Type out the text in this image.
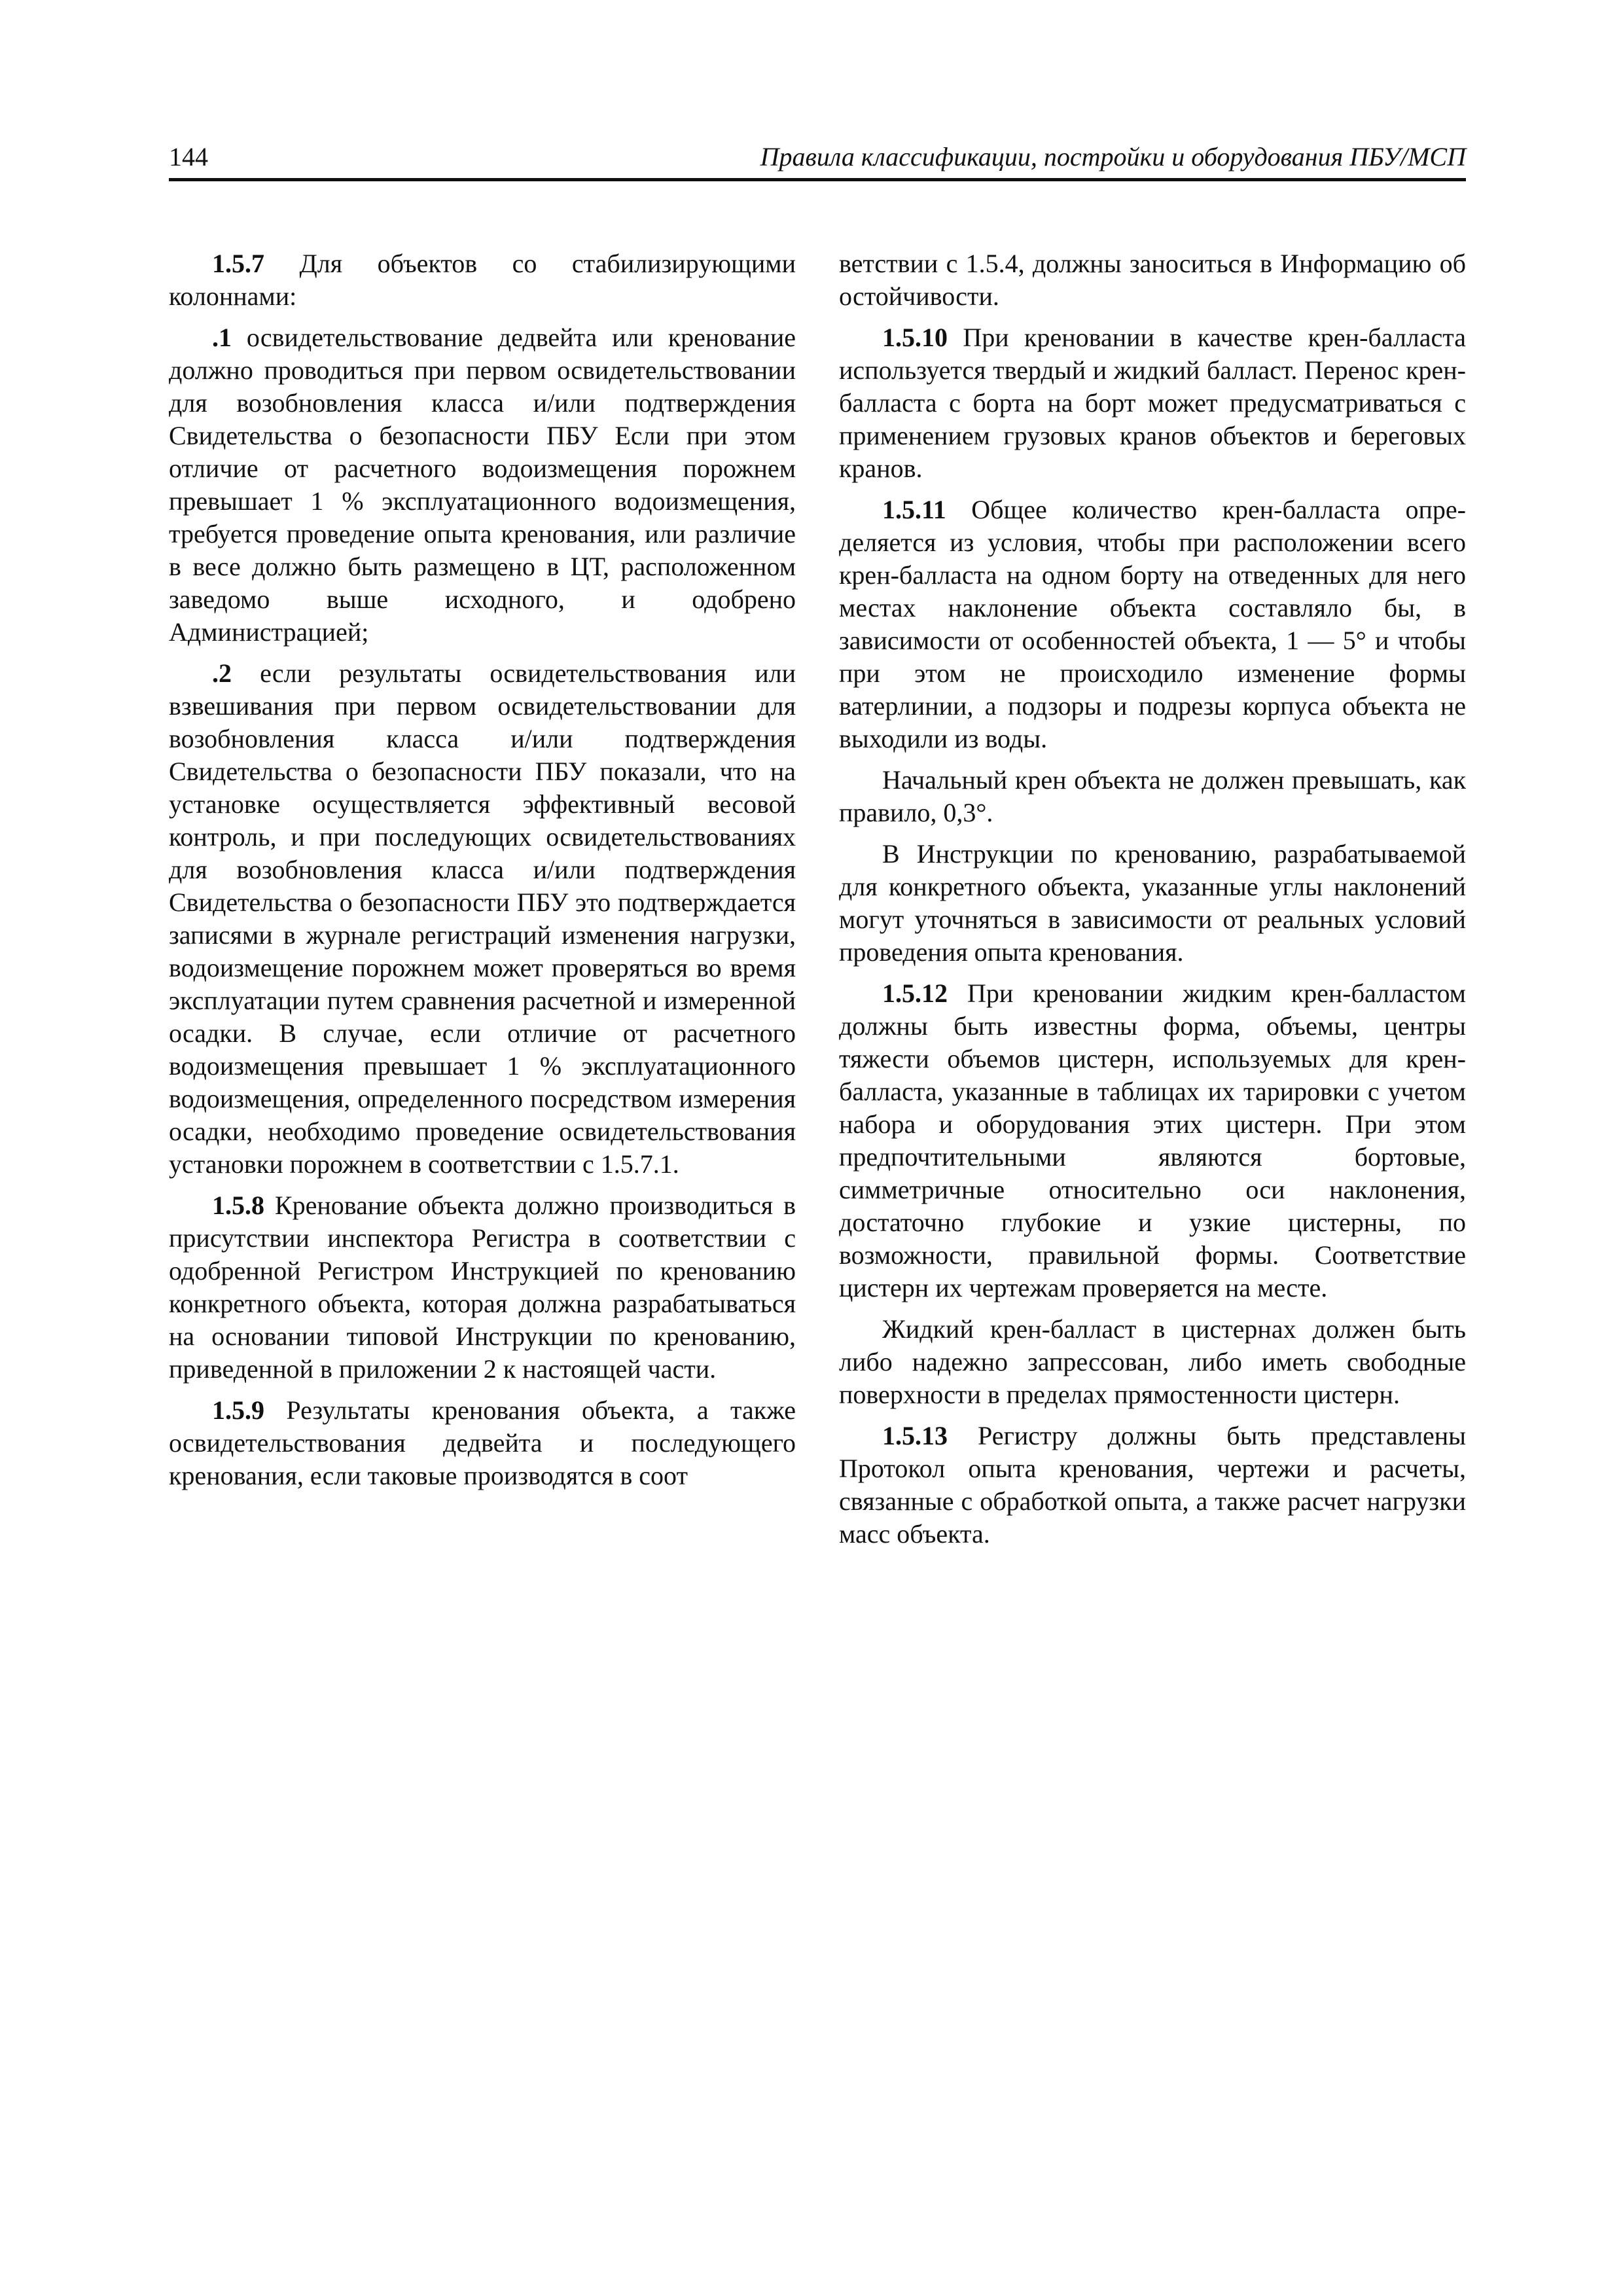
144	Правила классификации, постройки и оборудования ПБУ/МСП

1.5.7 Для объектов со стабилизирующими колоннами:

.1 освидетельствование дедвейта или кренование должно проводиться при первом освидетельствовании для возобновления класса и/или подтверждения Свидетельства о безопасности ПБУ Если при этом отличие от расчетного водоизмещения порожнем превышает 1 % эксплуатационного водоизмещения, требуется проведение опыта кренования, или различие в весе должно быть размещено в ЦТ, расположенном заведомо выше исходного, и одобрено Администрацией;

.2 если результаты освидетельствования или взвешивания при первом освидетельствовании для возобновления класса и/или подтверждения Свидетельства о безопасности ПБУ показали, что на установке осуществляется эффективный весовой контроль, и при последующих освидетельствованиях для возобновления класса и/или подтверждения Свидетельства о безопасности ПБУ это подтверждается записями в журнале регистраций изменения нагрузки, водоизмещение порожнем может проверяться во время эксплуатации путем сравнения расчетной и измеренной осадки. В случае, если отличие от расчетного водоизмещения превышает 1 % эксплуатационного водоизмещения, определенного посредством измерения осадки, необходимо проведение освидетельствования установки порожнем в соответствии с 1.5.7.1.

1.5.8 Кренование объекта должно производиться в присутствии инспектора Регистра в соответствии с одобренной Регистром Инструкцией по кренованию конкретного объекта, которая должна разрабатываться на основании типовой Инструкции по кренованию, приведенной в приложении 2 к настоящей части.

1.5.9 Результаты кренования объекта, а также освидетельствования дедвейта и последующего кренования, если таковые производятся в соот

ветствии с 1.5.4, должны заноситься в Информацию об остойчивости.

1.5.10 При креновании в качестве крен-балласта используется твердый и жидкий балласт. Перенос крен-балласта с борта на борт может предусматриваться с применением грузовых кранов объектов и береговых кранов.

1.5.11 Общее количество крен-балласта определяется из условия, чтобы при расположении всего крен-балласта на одном борту на отведенных для него местах наклонение объекта составляло бы, в зависимости от особенностей объекта, 1 — 5° и чтобы при этом не происходило изменение формы ватерлинии, а подзоры и подрезы корпуса объекта не выходили из воды.

Начальный крен объекта не должен превышать, как правило, 0,3°.

В Инструкции по кренованию, разрабатываемой для конкретного объекта, указанные углы наклонений могут уточняться в зависимости от реальных условий проведения опыта кренования.

1.5.12 При креновании жидким крен-балластом должны быть известны форма, объемы, центры тяжести объемов цистерн, используемых для крен-балласта, указанные в таблицах их тарировки с учетом набора и оборудования этих цистерн. При этом предпочтительными являются бортовые, симметричные относительно оси наклонения, достаточно глубокие и узкие цистерны, по возможности, правильной формы. Соответствие цистерн их чертежам проверяется на месте.

Жидкий крен-балласт в цистернах должен быть либо надежно запрессован, либо иметь свободные поверхности в пределах прямостенности цистерн.

1.5.13 Регистру должны быть представлены Протокол опыта кренования, чертежи и расчеты, связанные с обработкой опыта, а также расчет нагрузки масс объекта.
